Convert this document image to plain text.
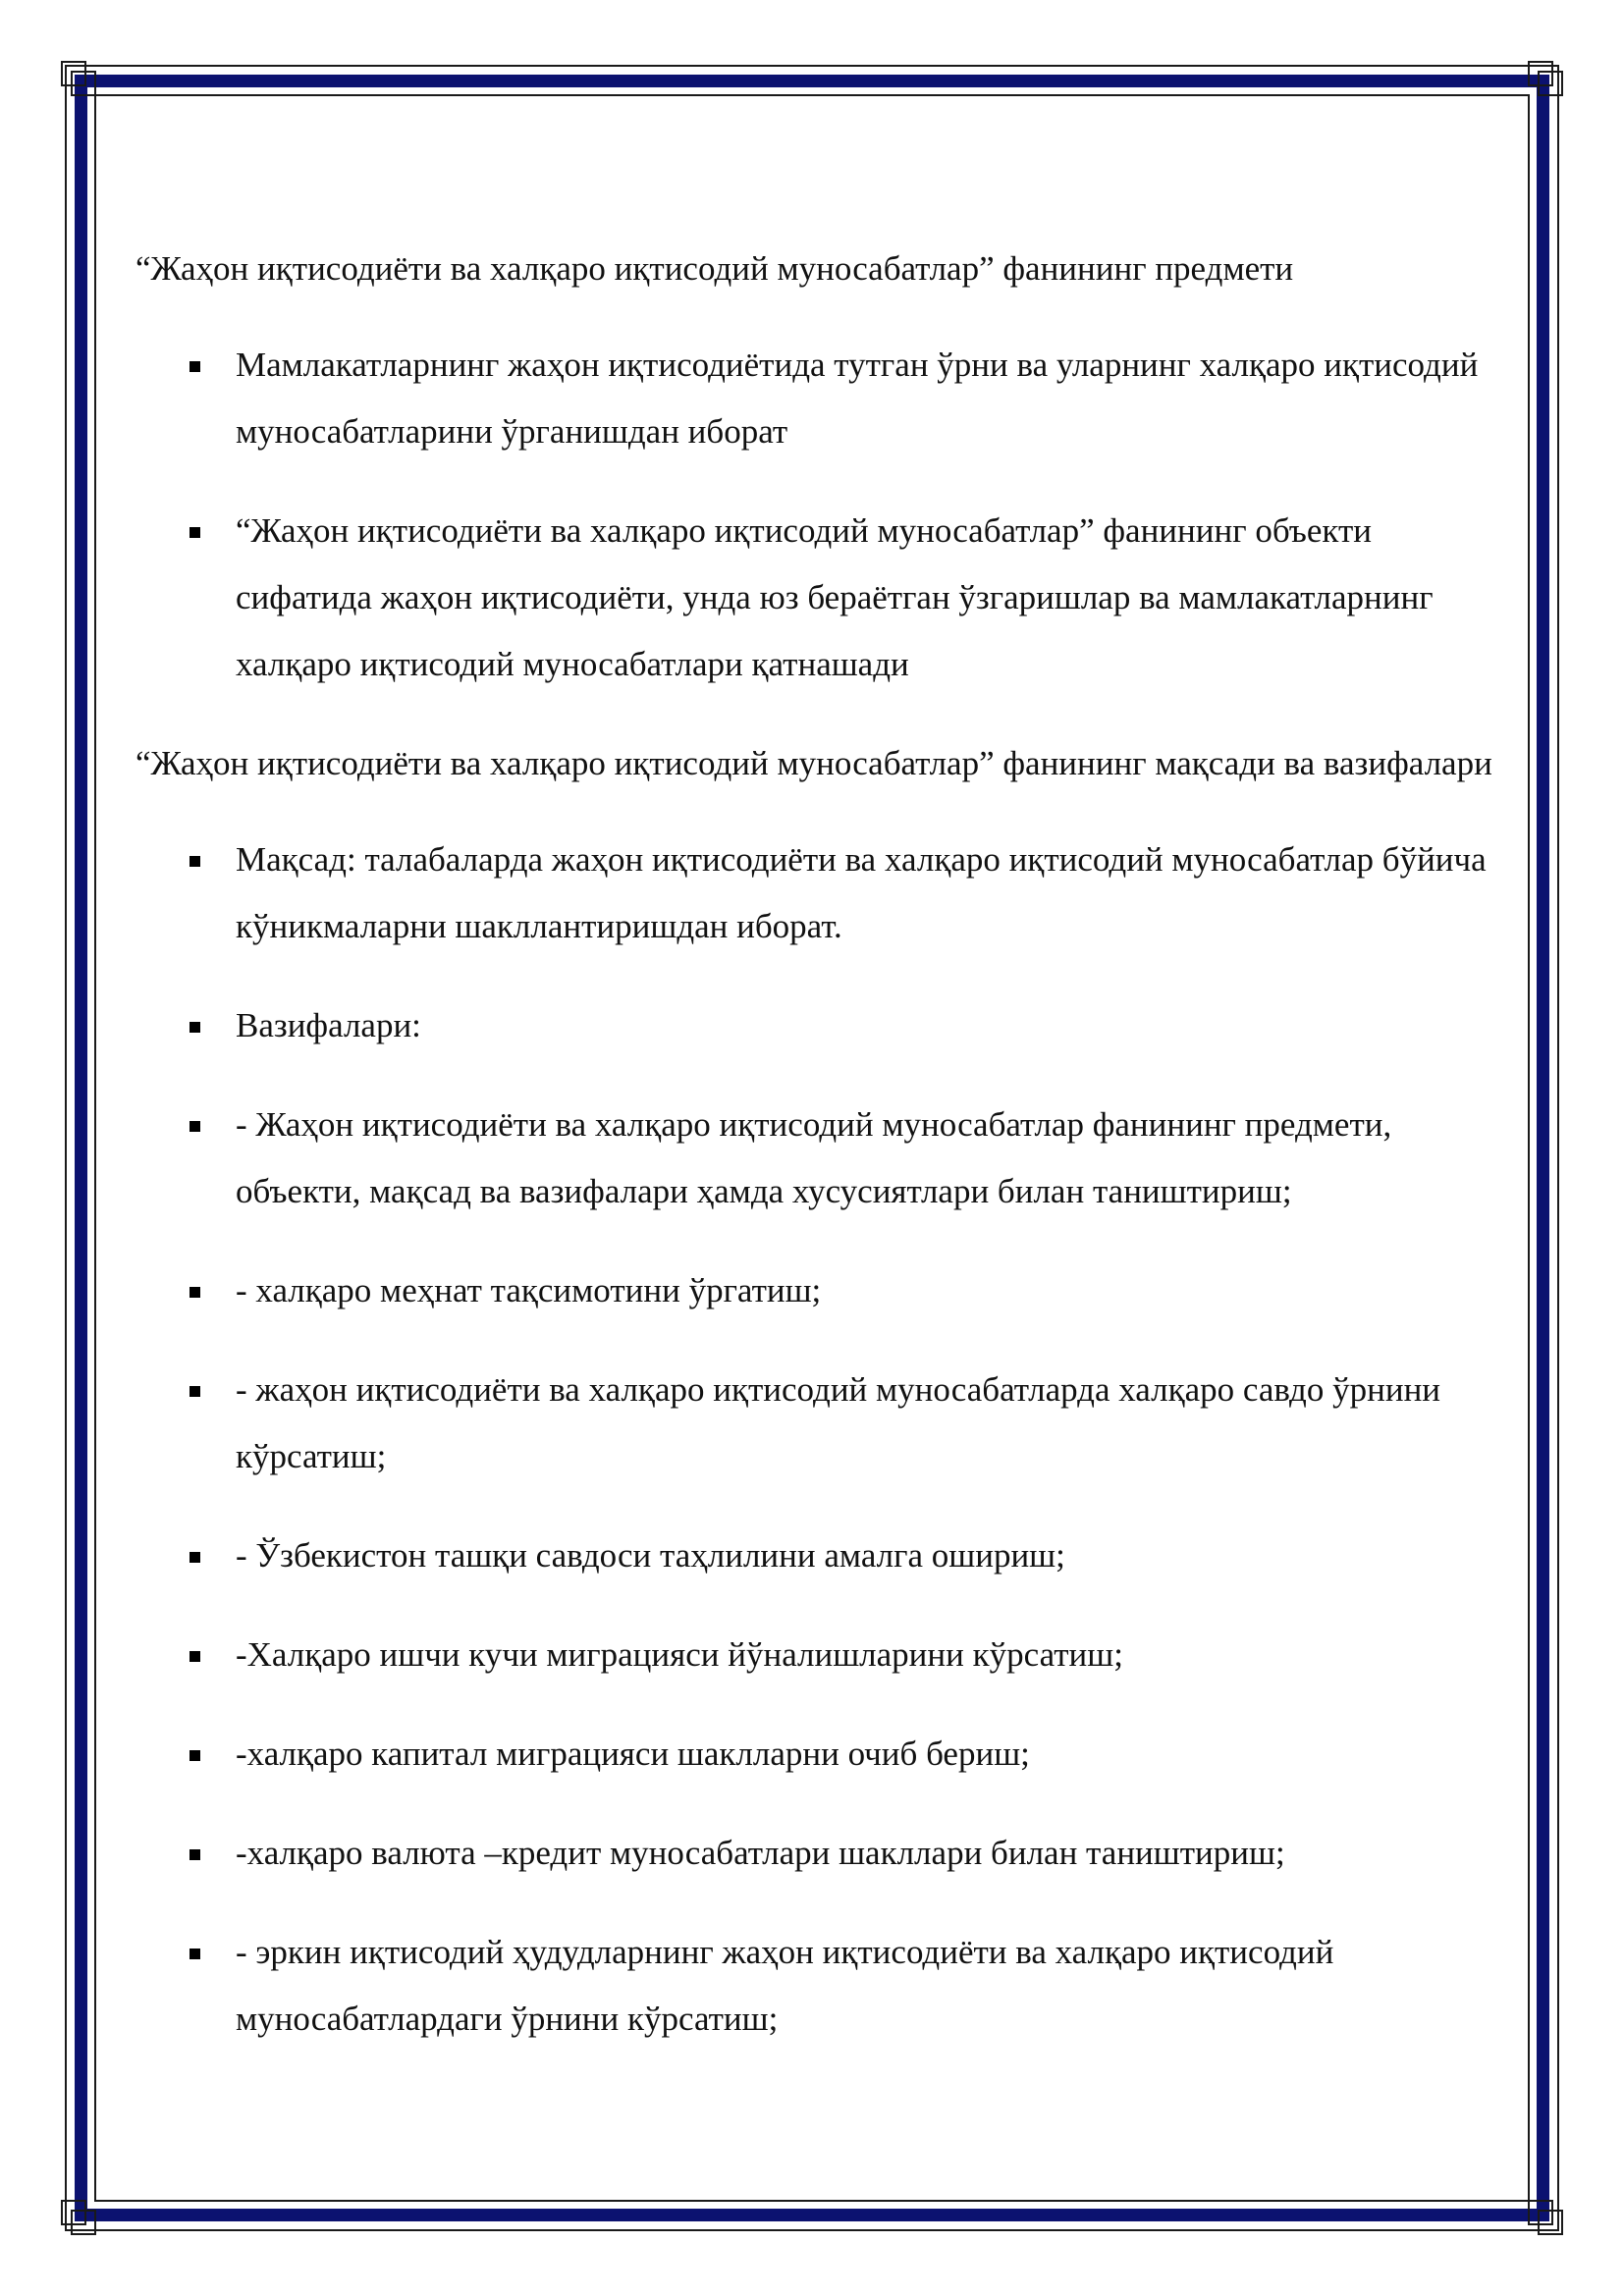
“Жаҳон иқтисодиёти ва халқаро иқтисодий муносабатлар” фанининг предмети

Мамлакатларнинг жаҳон иқтисодиётида тутган ўрни ва уларнинг халқаро иқтисодий муносабатларини ўрганишдан иборат
“Жаҳон иқтисодиёти ва халқаро иқтисодий муносабатлар” фанининг объекти сифатида жаҳон иқтисодиёти, унда юз бераётган ўзгаришлар ва мамлакатларнинг халқаро иқтисодий муносабатлари қатнашади

“Жаҳон иқтисодиёти ва халқаро иқтисодий муносабатлар” фанининг мақсади ва вазифалари

Мақсад: талабаларда жаҳон иқтисодиёти ва халқаро иқтисодий муносабатлар бўйича кўникмаларни шакллантиришдан иборат.
Вазифалари:
- Жаҳон иқтисодиёти ва халқаро иқтисодий муносабатлар фанининг предмети, объекти, мақсад ва вазифалари ҳамда хусусиятлари билан таништириш;
- халқаро меҳнат тақсимотини ўргатиш;
- жаҳон иқтисодиёти ва халқаро иқтисодий муносабатларда халқаро савдо ўрнини кўрсатиш;
- Ўзбекистон ташқи савдоси таҳлилини амалга ошириш;
-Халқаро ишчи кучи миграцияси йўналишларини кўрсатиш;
-халқаро капитал миграцияси шаклларни очиб бериш;
-халқаро валюта –кредит муносабатлари шакллари билан таништириш;
- эркин иқтисодий ҳудудларнинг жаҳон иқтисодиёти ва халқаро иқтисодий муносабатлардаги ўрнини кўрсатиш;
